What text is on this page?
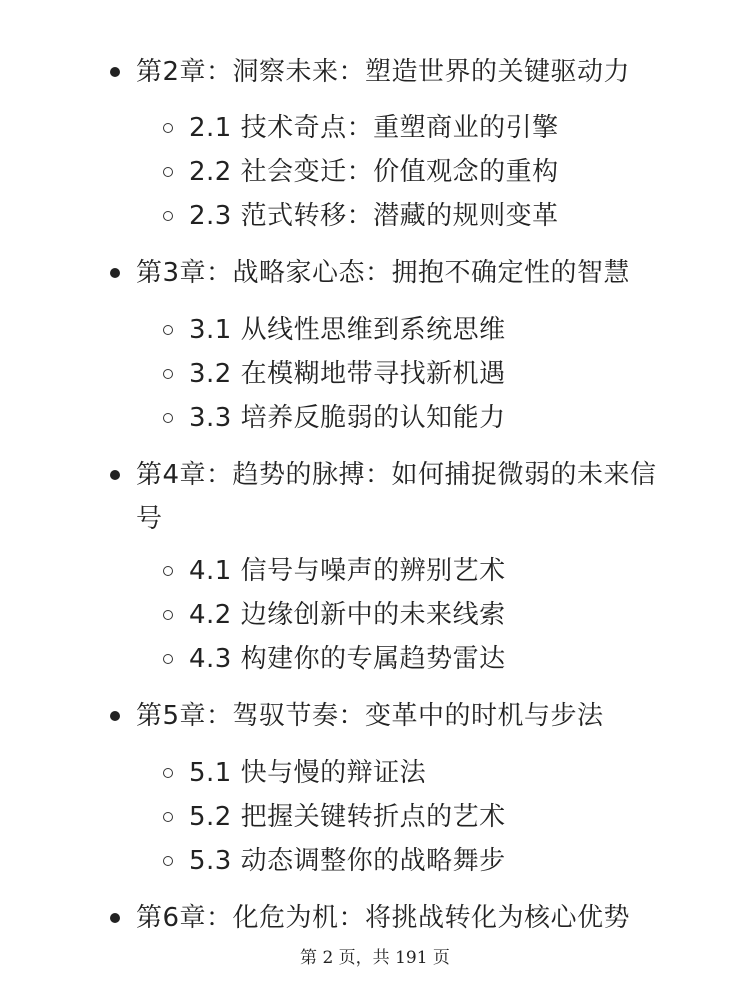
第2章：洞察未来：塑造世界的关键驱动力
2.1 技术奇点：重塑商业的引擎
2.2 社会变迁：价值观念的重构
2.3 范式转移：潜藏的规则变革
第3章：战略家心态：拥抱不确定性的智慧
3.1 从线性思维到系统思维
3.2 在模糊地带寻找新机遇
3.3 培养反脆弱的认知能力
第4章：趋势的脉搏：如何捕捉微弱的未来信号
4.1 信号与噪声的辨别艺术
4.2 边缘创新中的未来线索
4.3 构建你的专属趋势雷达
第5章：驾驭节奏：变革中的时机与步法
5.1 快与慢的辩证法
5.2 把握关键转折点的艺术
5.3 动态调整你的战略舞步
第6章：化危为机：将挑战转化为核心优势
第 2 页，共 191 页
